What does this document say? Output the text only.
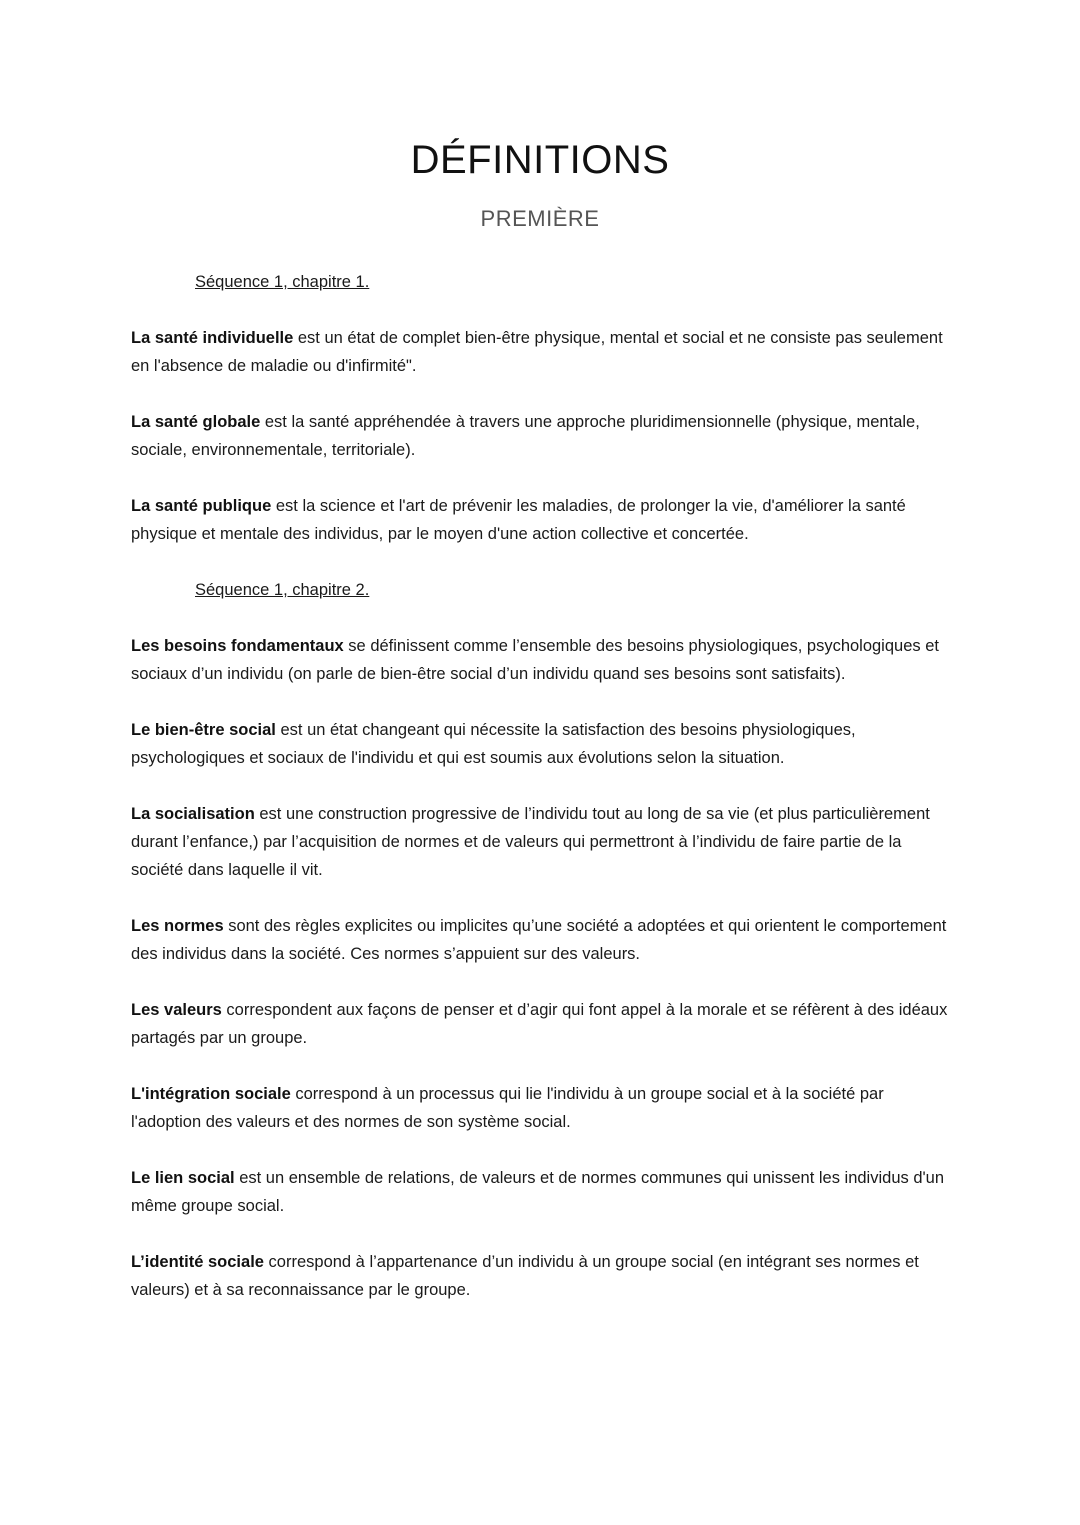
DÉFINITIONS
PREMIÈRE

Séquence 1, chapitre 1.

La santé individuelle est un état de complet bien-être physique, mental et social et ne consiste pas seulement en l'absence de maladie ou d'infirmité".

La santé globale est la santé appréhendée à travers une approche pluridimensionnelle (physique, mentale, sociale, environnementale, territoriale).

La santé publique est la science et l'art de prévenir les maladies, de prolonger la vie, d'améliorer la santé physique et mentale des individus, par le moyen d'une action collective et concertée.

Séquence 1, chapitre 2.

Les besoins fondamentaux se définissent comme l’ensemble des besoins physiologiques, psychologiques et sociaux d’un individu (on parle de bien-être social d’un individu quand ses besoins sont satisfaits).

Le bien-être social est un état changeant qui nécessite la satisfaction des besoins physiologiques, psychologiques et sociaux de l'individu et qui est soumis aux évolutions selon la situation.

La socialisation est une construction progressive de l’individu tout au long de sa vie (et plus particulièrement durant l’enfance,) par l’acquisition de normes et de valeurs qui permettront à l’individu de faire partie de la société dans laquelle il vit.

Les normes sont des règles explicites ou implicites qu’une société a adoptées et qui orientent le comportement des individus dans la société. Ces normes s’appuient sur des valeurs.

Les valeurs correspondent aux façons de penser et d’agir qui font appel à la morale et se réfèrent à des idéaux partagés par un groupe.

L'intégration sociale correspond à un processus qui lie l'individu à un groupe social et à la société par l'adoption des valeurs et des normes de son système social.

Le lien social est un ensemble de relations, de valeurs et de normes communes qui unissent les individus d'un même groupe social.

L’identité sociale correspond à l’appartenance d’un individu à un groupe social (en intégrant ses normes et valeurs) et à sa reconnaissance par le groupe.
